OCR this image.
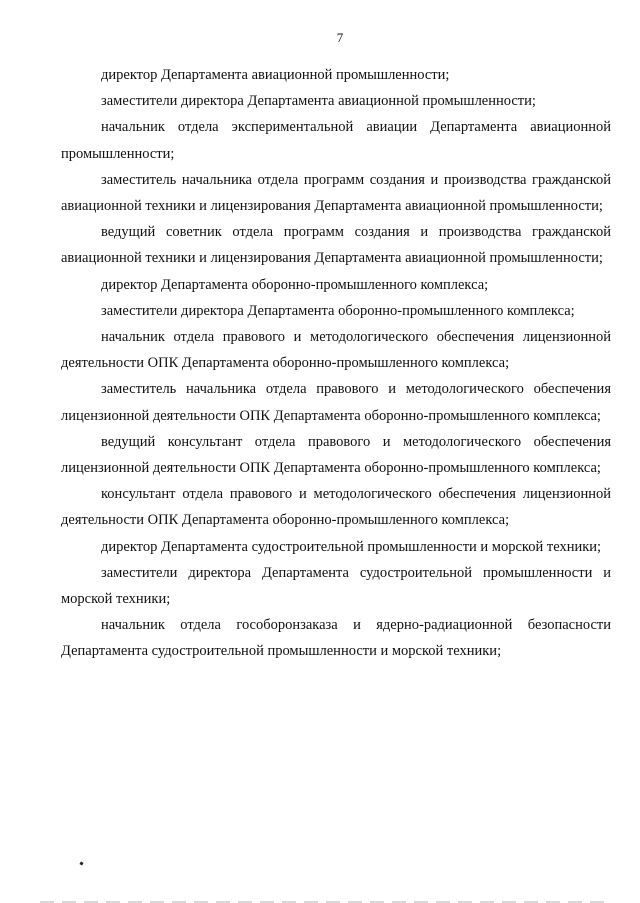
7

директор Департамента авиационной промышленности;

заместители директора Департамента авиационной промышленности;

начальник отдела экспериментальной авиации Департамента авиационной промышленности;

заместитель начальника отдела программ создания и производства гражданской авиационной техники и лицензирования Департамента авиационной промышленности;

ведущий советник отдела программ создания и производства гражданской авиационной техники и лицензирования Департамента авиационной промышленности;

директор Департамента оборонно-промышленного комплекса;

заместители директора Департамента оборонно-промышленного комплекса;

начальник отдела правового и методологического обеспечения лицензионной деятельности ОПК Департамента оборонно-промышленного комплекса;

заместитель начальника отдела правового и методологического обеспечения лицензионной деятельности ОПК Департамента оборонно-промышленного комплекса;

ведущий консультант отдела правового и методологического обеспечения лицензионной деятельности ОПК Департамента оборонно-промышленного комплекса;

консультант отдела правового и методологического обеспечения лицензионной деятельности ОПК Департамента оборонно-промышленного комплекса;

директор Департамента судостроительной промышленности и морской техники;

заместители директора Департамента судостроительной промышленности и морской техники;

начальник отдела гособоронзаказа и ядерно-радиационной безопасности Департамента судостроительной промышленности и морской техники;
